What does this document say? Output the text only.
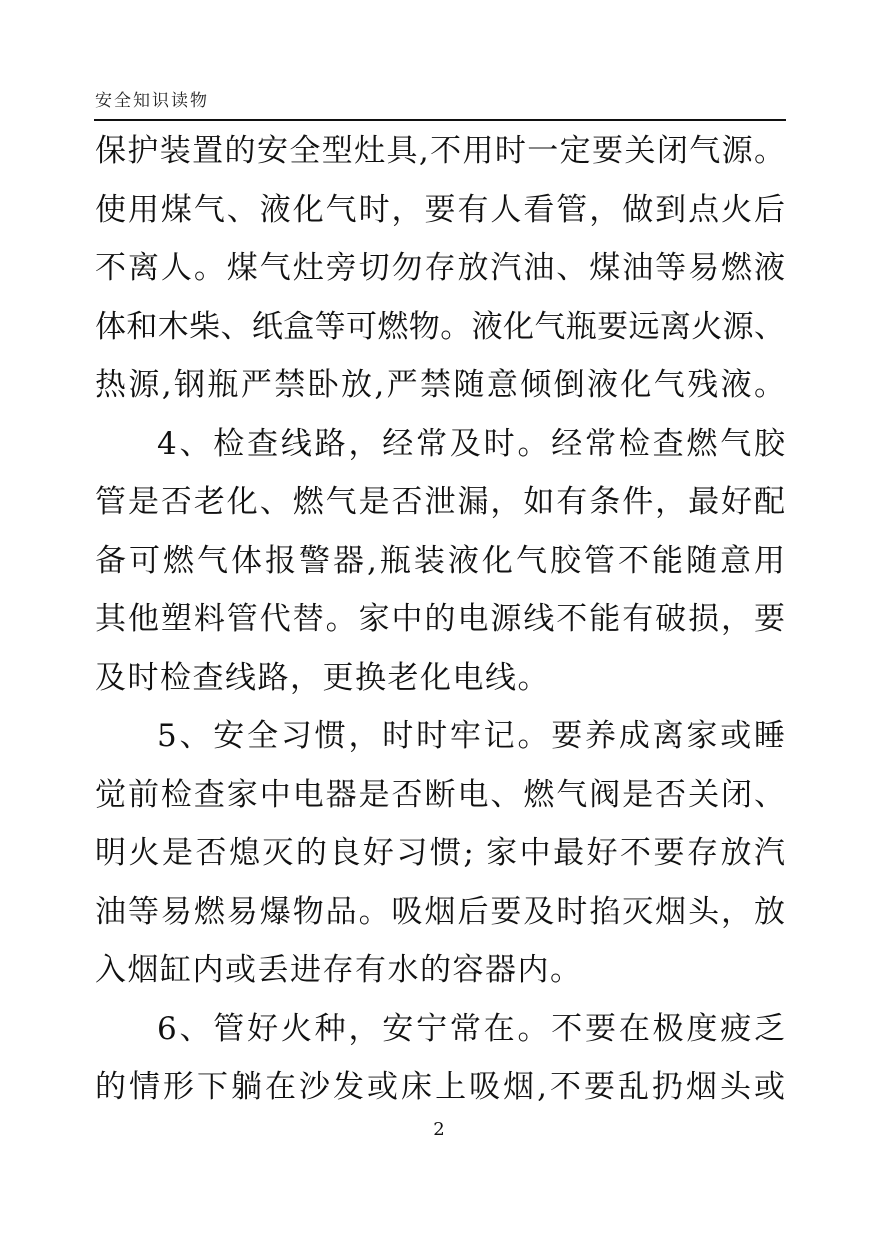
安全知识读物
保护装置的安全型灶具,不用时一定要关闭气源。
使用煤气、液化气时，要有人看管，做到点火后
不离人。煤气灶旁切勿存放汽油、煤油等易燃液
体和木柴、纸盒等可燃物。液化气瓶要远离火源、
热源,钢瓶严禁卧放,严禁随意倾倒液化气残液。
4、检查线路，经常及时。经常检查燃气胶
管是否老化、燃气是否泄漏，如有条件，最好配
备可燃气体报警器,瓶装液化气胶管不能随意用
其他塑料管代替。家中的电源线不能有破损，要
及时检查线路，更换老化电线。
5、安全习惯，时时牢记。要养成离家或睡
觉前检查家中电器是否断电、燃气阀是否关闭、
明火是否熄灭的良好习惯; 家中最好不要存放汽
油等易燃易爆物品。吸烟后要及时掐灭烟头，放
入烟缸内或丢进存有水的容器内。
6、管好火种，安宁常在。不要在极度疲乏
的情形下躺在沙发或床上吸烟,不要乱扔烟头或
2
